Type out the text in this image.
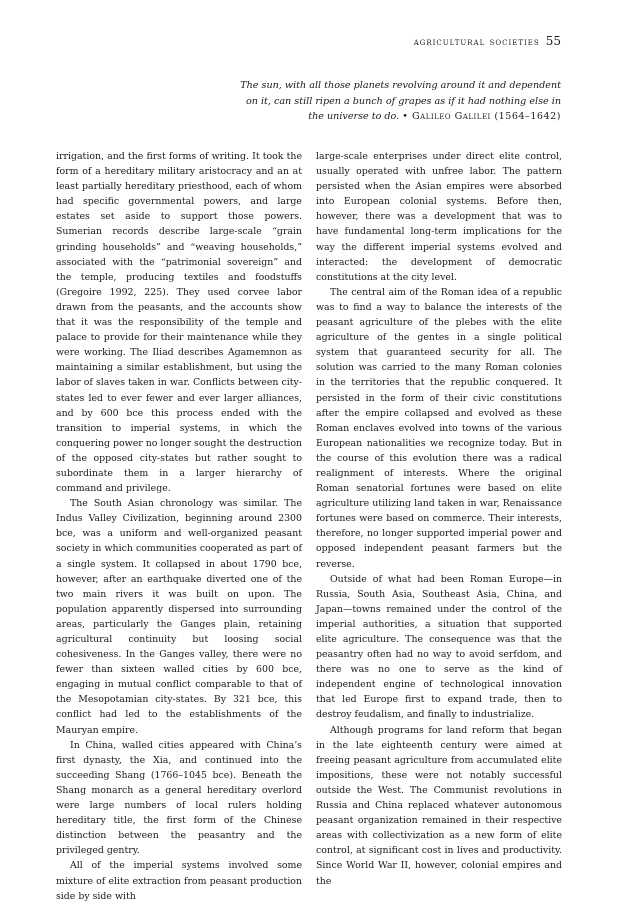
agricultural societies 55
The sun, with all those planets revolving around it and dependent on it, can still ripen a bunch of grapes as if it had nothing else in the universe to do. • Galileo Galilei (1564–1642)

irrigation, and the first forms of writing. It took the form of a hereditary military aristocracy and an at least partially hereditary priesthood, each of whom had specific governmental powers, and large estates set aside to support those powers. Sumerian records describe large-scale “grain grinding households” and “weaving households,” associated with the “patrimonial sovereign” and the temple, producing textiles and foodstuffs (Gregoire 1992, 225). They used corvee labor drawn from the peasants, and the accounts show that it was the responsibility of the temple and palace to provide for their maintenance while they were working. The Iliad describes Agamemnon as maintaining a similar establishment, but using the labor of slaves taken in war. Conflicts between city-states led to ever fewer and ever larger alliances, and by 600 bce this process ended with the transition to imperial systems, in which the conquering power no longer sought the destruction of the opposed city-states but rather sought to subordinate them in a larger hierarchy of command and privilege.

The South Asian chronology was similar. The Indus Valley Civilization, beginning around 2300 bce, was a uniform and well-organized peasant society in which communities cooperated as part of a single system. It collapsed in about 1790 bce, however, after an earthquake diverted one of the two main rivers it was built on upon. The population apparently dispersed into surrounding areas, particularly the Ganges plain, retaining agricultural continuity but loosing social cohesiveness. In the Ganges valley, there were no fewer than sixteen walled cities by 600 bce, engaging in mutual conflict comparable to that of the Mesopotamian city-states. By 321 bce, this conflict had led to the establishments of the Mauryan empire.

In China, walled cities appeared with China’s first dynasty, the Xia, and continued into the succeeding Shang (1766–1045 bce). Beneath the Shang monarch as a general hereditary overlord were large numbers of local rulers holding hereditary title, the first form of the Chinese distinction between the peasantry and the privileged gentry.

All of the imperial systems involved some mixture of elite extraction from peasant production side by side with

large-scale enterprises under direct elite control, usually operated with unfree labor. The pattern persisted when the Asian empires were absorbed into European colonial systems. Before then, however, there was a development that was to have fundamental long-term implications for the way the different imperial systems evolved and interacted: the development of democratic constitutions at the city level.

The central aim of the Roman idea of a republic was to find a way to balance the interests of the peasant agriculture of the plebes with the elite agriculture of the gentes in a single political system that guaranteed security for all. The solution was carried to the many Roman colonies in the territories that the republic conquered. It persisted in the form of their civic constitutions after the empire collapsed and evolved as these Roman enclaves evolved into towns of the various European nationalities we recognize today. But in the course of this evolution there was a radical realignment of interests. Where the original Roman senatorial fortunes were based on elite agriculture utilizing land taken in war, Renaissance fortunes were based on commerce. Their interests, therefore, no longer supported imperial power and opposed independent peasant farmers but the reverse.

Outside of what had been Roman Europe—in Russia, South Asia, Southeast Asia, China, and Japan—towns remained under the control of the imperial authorities, a situation that supported elite agriculture. The consequence was that the peasantry often had no way to avoid serfdom, and there was no one to serve as the kind of independent engine of technological innovation that led Europe first to expand trade, then to destroy feudalism, and finally to industrialize.

Although programs for land reform that began in the late eighteenth century were aimed at freeing peasant agriculture from accumulated elite impositions, these were not notably successful outside the West. The Communist revolutions in Russia and China replaced whatever autonomous peasant organization remained in their respective areas with collectivization as a new form of elite control, at significant cost in lives and productivity. Since World War II, however, colonial empires and the
